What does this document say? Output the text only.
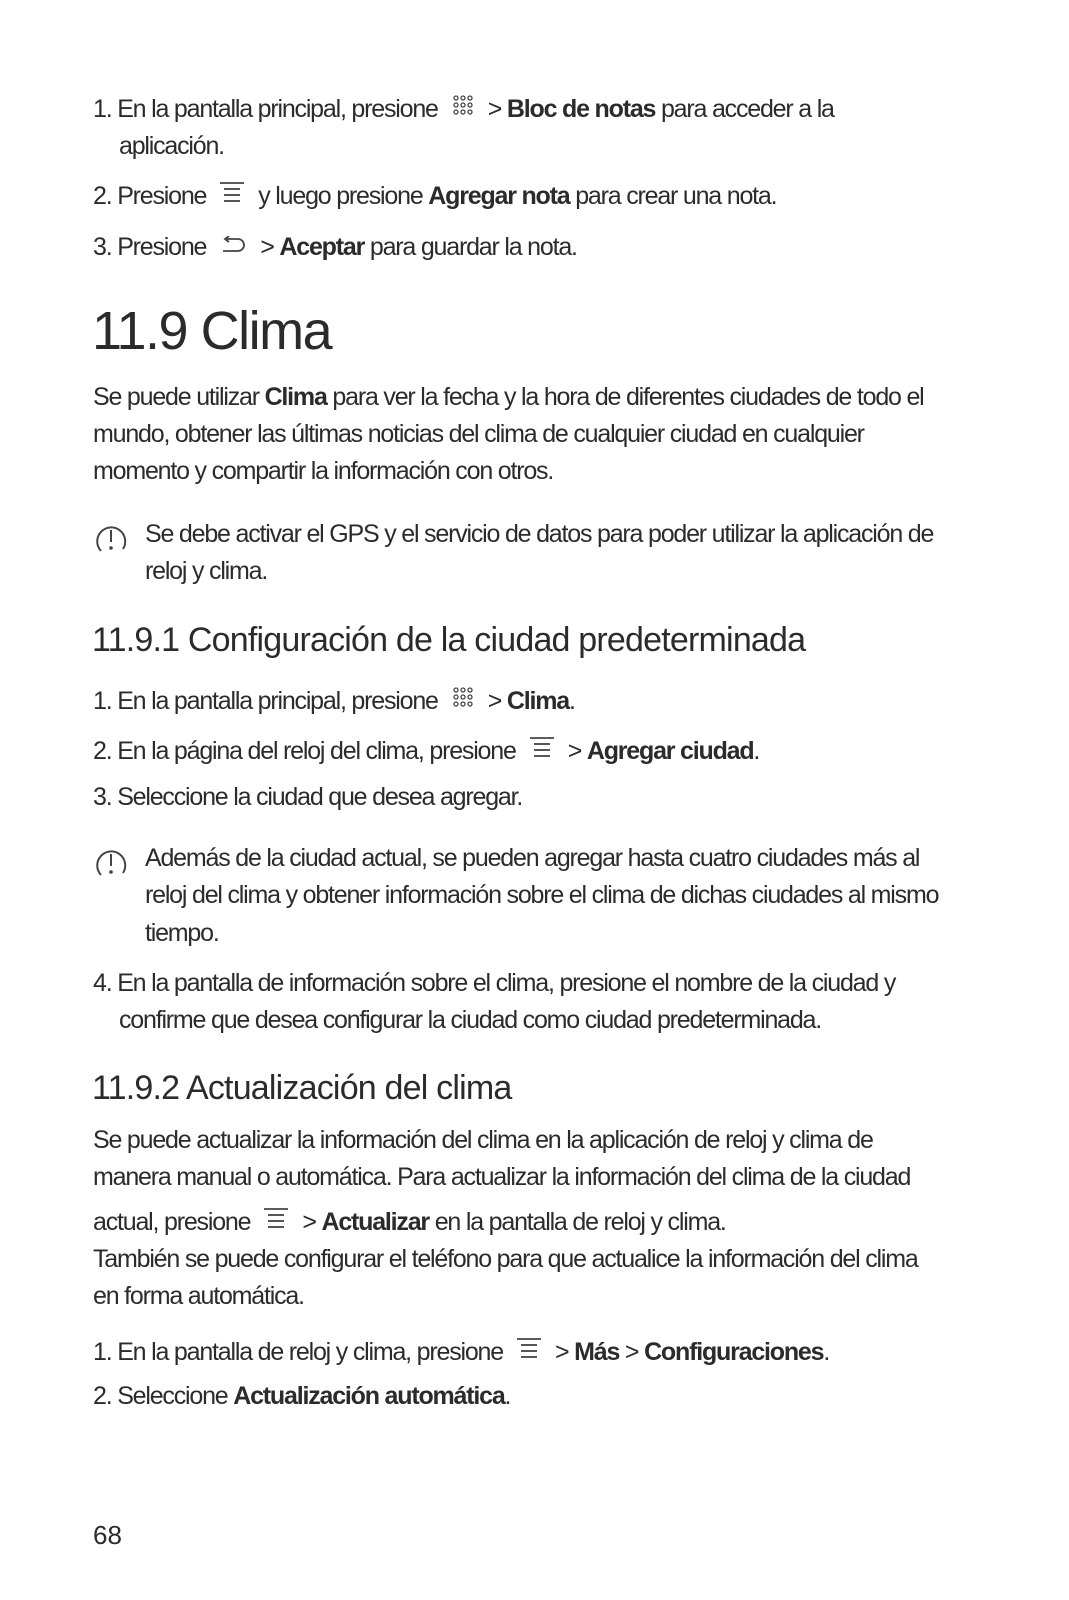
1. En la pantalla principal, presione > Bloc de notas para acceder a la
aplicación.
2. Presione y luego presione Agregar nota para crear una nota.
3. Presione > Aceptar para guardar la nota.
11.9 Clima
Se puede utilizar Clima para ver la fecha y la hora de diferentes ciudades de todo el
mundo, obtener las últimas noticias del clima de cualquier ciudad en cualquier
momento y compartir la información con otros.
Se debe activar el GPS y el servicio de datos para poder utilizar la aplicación de
reloj y clima.
11.9.1 Configuración de la ciudad predeterminada
1. En la pantalla principal, presione > Clima.
2. En la página del reloj del clima, presione > Agregar ciudad.
3. Seleccione la ciudad que desea agregar.
Además de la ciudad actual, se pueden agregar hasta cuatro ciudades más al
reloj del clima y obtener información sobre el clima de dichas ciudades al mismo
tiempo.
4. En la pantalla de información sobre el clima, presione el nombre de la ciudad y
confirme que desea configurar la ciudad como ciudad predeterminada.
11.9.2 Actualización del clima
Se puede actualizar la información del clima en la aplicación de reloj y clima de
manera manual o automática. Para actualizar la información del clima de la ciudad
actual, presione > Actualizar en la pantalla de reloj y clima.
También se puede configurar el teléfono para que actualice la información del clima
en forma automática.
1. En la pantalla de reloj y clima, presione > Más > Configuraciones.
2. Seleccione Actualización automática.
68
